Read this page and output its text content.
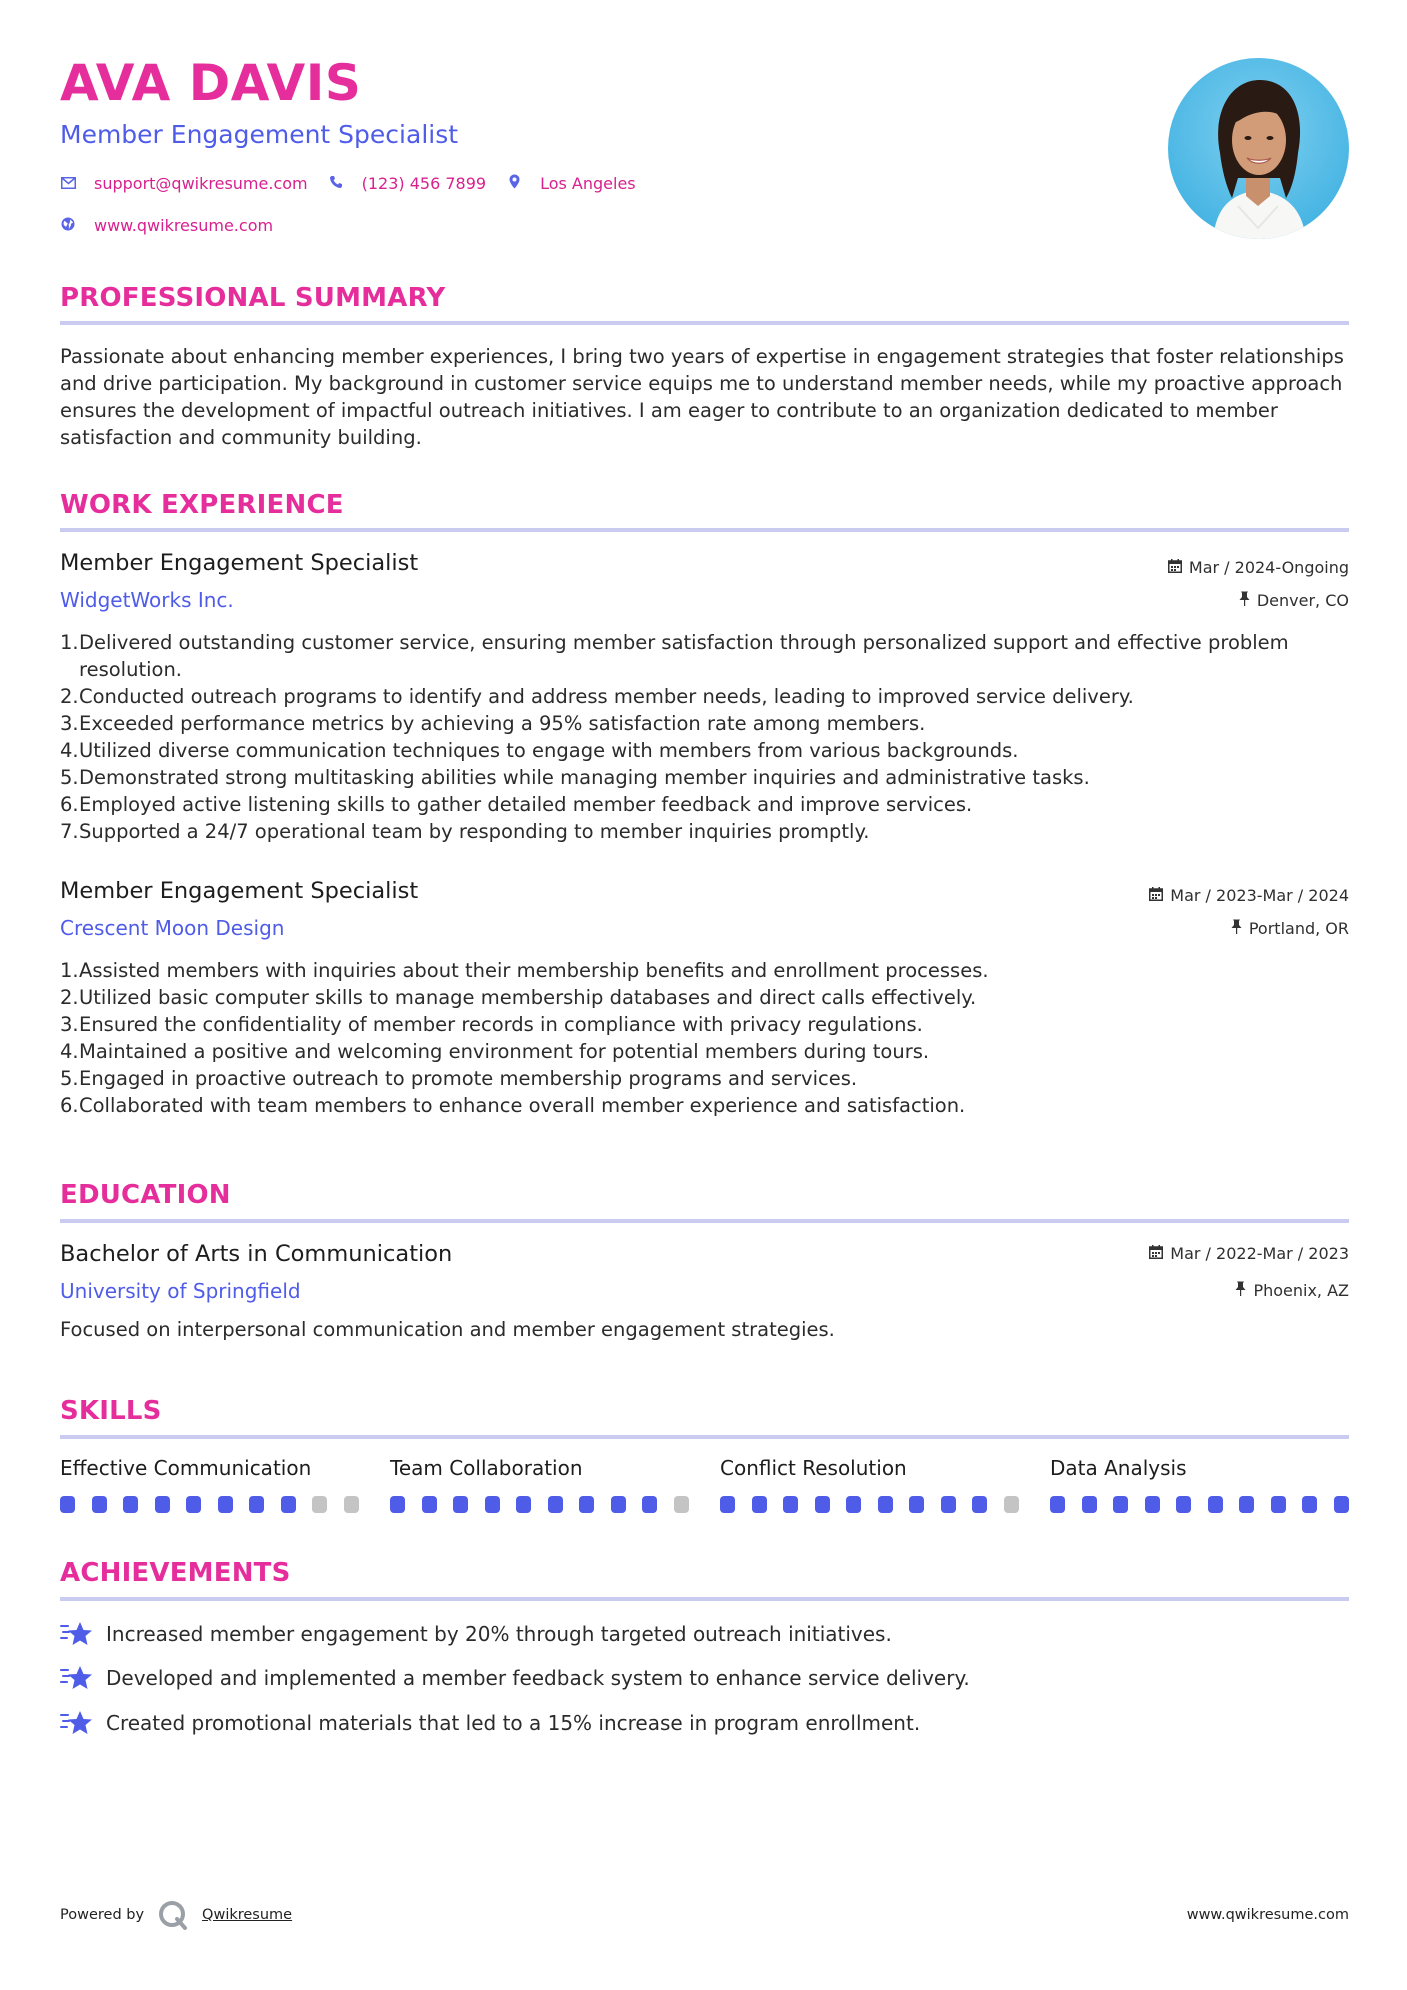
AVA DAVIS
Member Engagement Specialist
support@qwikresume.com	(123) 456 7899	Los Angeles
www.qwikresume.com
PROFESSIONAL SUMMARY

Passionate about enhancing member experiences, I bring two years of expertise in engagement strategies that foster relationships and drive participation. My background in customer service equips me to understand member needs, while my proactive approach ensures the development of impactful outreach initiatives. I am eager to contribute to an organization dedicated to member satisfaction and community building.

WORK EXPERIENCE
Member Engagement Specialist
WidgetWorks Inc.
Mar / 2024-Ongoing
Denver, CO
1. Delivered outstanding customer service, ensuring member satisfaction through personalized support and effective problem resolution.
2. Conducted outreach programs to identify and address member needs, leading to improved service delivery.
3. Exceeded performance metrics by achieving a 95% satisfaction rate among members.
4. Utilized diverse communication techniques to engage with members from various backgrounds.
5. Demonstrated strong multitasking abilities while managing member inquiries and administrative tasks.
6. Employed active listening skills to gather detailed member feedback and improve services.
7. Supported a 24/7 operational team by responding to member inquiries promptly.
Member Engagement Specialist
Crescent Moon Design
Mar / 2023-Mar / 2024
Portland, OR
1. Assisted members with inquiries about their membership benefits and enrollment processes.
2. Utilized basic computer skills to manage membership databases and direct calls effectively.
3. Ensured the confidentiality of member records in compliance with privacy regulations.
4. Maintained a positive and welcoming environment for potential members during tours.
5. Engaged in proactive outreach to promote membership programs and services.
6. Collaborated with team members to enhance overall member experience and satisfaction.
EDUCATION
Bachelor of Arts in Communication
University of Springfield
Mar / 2022-Mar / 2023
Phoenix, AZ

Focused on interpersonal communication and member engagement strategies.

SKILLS
Effective Communication	Team Collaboration	Conflict Resolution	Data Analysis
ACHIEVEMENTS
Increased member engagement by 20% through targeted outreach initiatives.
Developed and implemented a member feedback system to enhance service delivery.
Created promotional materials that led to a 15% increase in program enrollment.
Powered by	Qwikresume	www.qwikresume.com
